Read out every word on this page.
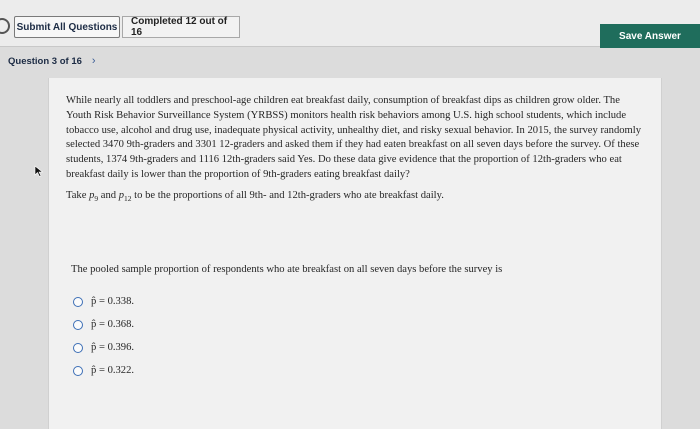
Submit All Questions	Completed 12 out of 16	Save Answer
Question 3 of 16 ›

While nearly all toddlers and preschool-age children eat breakfast daily, consumption of breakfast dips as children grow older. The Youth Risk Behavior Surveillance System (YRBSS) monitors health risk behaviors among U.S. high school students, which include tobacco use, alcohol and drug use, inadequate physical activity, unhealthy diet, and risky sexual behavior. In 2015, the survey randomly selected 3470 9th-graders and 3301 12-graders and asked them if they had eaten breakfast on all seven days before the survey. Of these students, 1374 9th-graders and 1116 12th-graders said Yes. Do these data give evidence that the proportion of 12th-graders who eat breakfast daily is lower than the proportion of 9th-graders eating breakfast daily?

Take $p_9$ and $p_{12}$ to be the proportions of all 9th- and 12th-graders who ate breakfast daily.
The pooled sample proportion of respondents who ate breakfast on all seven days before the survey is
p̂ = 0.338.
p̂ = 0.368.
p̂ = 0.396.
p̂ = 0.322.
